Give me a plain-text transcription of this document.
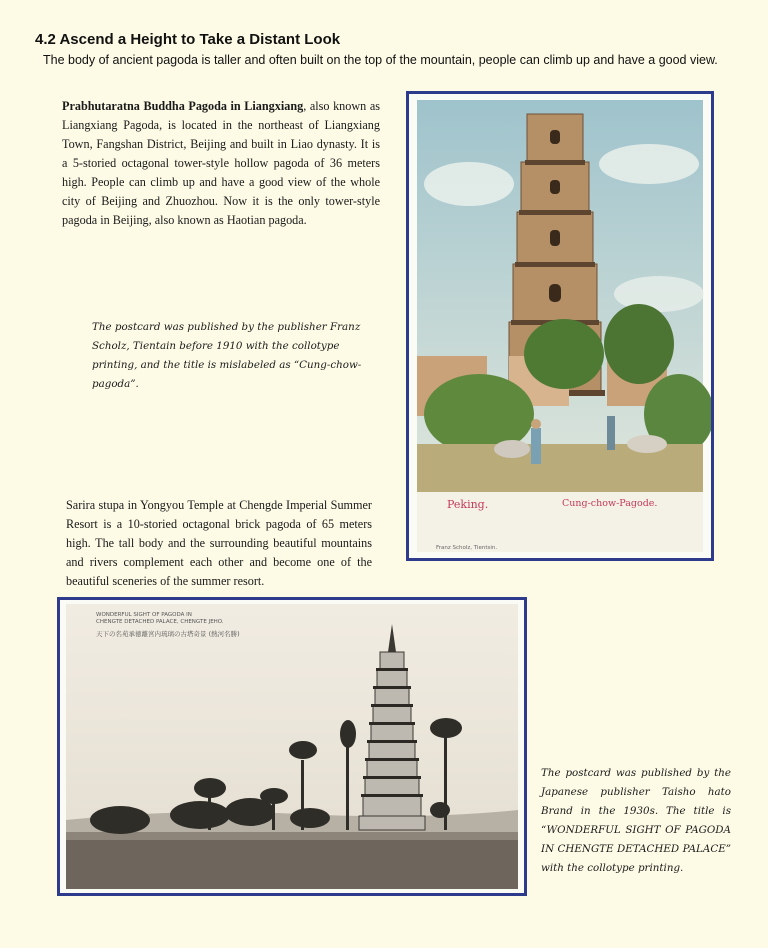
4.2 Ascend a Height to Take a Distant Look
The body of ancient pagoda is taller and often built on the top of the mountain, people can climb up and have a good view.
Prabhutaratna Buddha Pagoda in Liangxiang, also known as Liangxiang Pagoda, is located in the northeast of Liangxiang Town, Fangshan District, Beijing and built in Liao dynasty. It is a 5-storied octagonal tower-style hollow pagoda of 36 meters high. People can climb up and have a good view of the whole city of Beijing and Zhuozhou. Now it is the only tower-style pagoda in Beijing, also known as Haotian pagoda.
The postcard was published by the publisher Franz Scholz, Tientain before 1910 with the collotype printing, and the title is mislabeled as “Cung-chow-pagoda”.
Peking.	Cung-chow-Pagode.
Franz Scholz, Tientsin.
Sarira stupa in Yongyou Temple at Chengde Imperial Summer Resort is a 10-storied octagonal brick pagoda of 65 meters high. The tall body and the surrounding beautiful mountains and rivers complement each other and become one of the beautiful sceneries of the summer resort.
WONDERFUL SIGHT OF PAGODA IN
CHENGTE DETACHED PALACE, CHENGTE JEHO.
天下の名苑承徳離宮内琉璃の古塔奇景 (熱河名勝)
The postcard was published by the Japanese publisher Taisho hato Brand in the 1930s. The title is “WONDERFUL SIGHT OF PAGODA IN CHENGTE DETACHED PALACE” with the collotype printing.
